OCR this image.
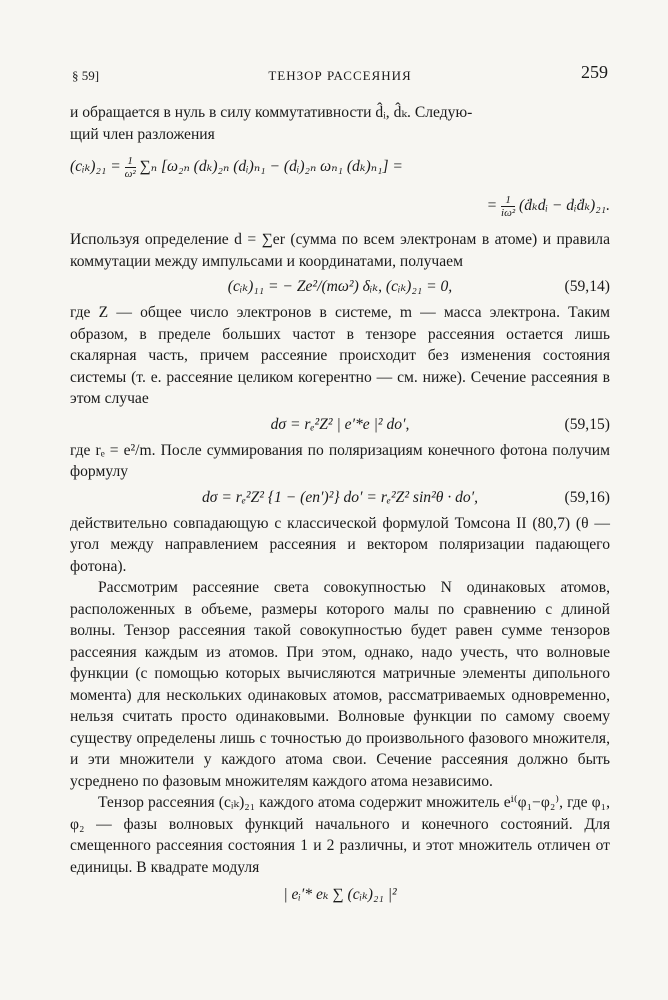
§ 59]	ТЕНЗОР РАССЕЯНИЯ	259

и обращается в нуль в силу коммутативности d̂ᵢ, d̂ₖ. Следую-

щий член разложения

(cᵢₖ)₂₁ = $\frac{1}{\text{ω²}} \sum_n$ [ω₂ₙ (dₖ)₂ₙ (dᵢ)ₙ₁ − (dᵢ)₂ₙ ωₙ₁ (dₖ)ₙ₁] =
= $\frac{1}{\text{iω²}}$ (ḋₖdᵢ − dᵢḋₖ)₂₁.

Используя определение d = ∑er (сумма по всем электронам в атоме) и правила коммутации между импульсами и координатами, получаем

(cᵢₖ)₁₁ = − Ze²/(mω²) δᵢₖ, (cᵢₖ)₂₁ = 0,	(59,14)

где Z — общее число электронов в системе, m — масса электрона. Таким образом, в пределе больших частот в тензоре рассеяния остается лишь скалярная часть, причем рассеяние происходит без изменения состояния системы (т. е. рассеяние целиком когерентно — см. ниже). Сечение рассеяния в этом случае

dσ = rₑ²Z² | e′*e |² do′,	(59,15)

где rₑ = e²/m. После суммирования по поляризациям конечного фотона получим формулу

dσ = rₑ²Z² {1 − (en′)²} do′ = rₑ²Z² sin²θ · do′,	(59,16)

действительно совпадающую с классической формулой Томсона II (80,7) (θ — угол между направлением рассеяния и вектором поляризации падающего фотона).

Рассмотрим рассеяние света совокупностью N одинаковых атомов, расположенных в объеме, размеры которого малы по сравнению с длиной волны. Тензор рассеяния такой совокупностью будет равен сумме тензоров рассеяния каждым из атомов. При этом, однако, надо учесть, что волновые функции (с помощью которых вычисляются матричные элементы дипольного момента) для нескольких одинаковых атомов, рассматриваемых одновременно, нельзя считать просто одинаковыми. Волновые функции по самому своему существу определены лишь с точностью до произвольного фазового множителя, и эти множители у каждого атома свои. Сечение рассеяния должно быть усреднено по фазовым множителям каждого атома независимо.

Тензор рассеяния (cᵢₖ)₂₁ каждого атома содержит множитель eⁱ⁽φ₁−φ₂⁾, где φ₁, φ₂ — фазы волновых функций начального и конечного состояний. Для смещенного рассеяния состояния 1 и 2 различны, и этот множитель отличен от единицы. В квадрате модуля

| eᵢ′* eₖ ∑ (cᵢₖ)₂₁ |²
